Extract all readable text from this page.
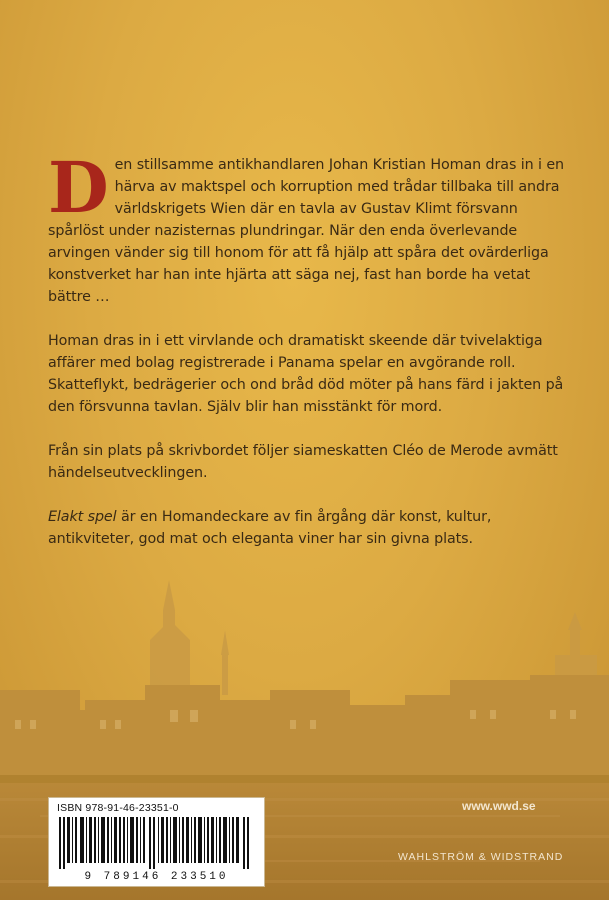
Den stillsamme antikhandlaren Johan Kristian Homan dras in i en härva av maktspel och korruption med trådar tillbaka till andra världskrigets Wien där en tavla av Gustav Klimt försvann spårlöst under nazisternas plundringar. När den enda överlevande arvingen vänder sig till honom för att få hjälp att spåra det ovärderliga konstverket har han inte hjärta att säga nej, fast han borde ha vetat bättre …

Homan dras in i ett virvlande och dramatiskt skeende där tvivelaktiga affärer med bolag registrerade i Panama spelar en avgörande roll. Skatteflykt, bedrägerier och ond bråd död möter på hans färd i jakten på den försvunna tavlan. Själv blir han misstänkt för mord.

Från sin plats på skrivbordet följer siameskatten Cléo de Merode avmätt händelseutvecklingen.

Elakt spel är en Homandeckare av fin årgång där konst, kultur, antikviteter, god mat och eleganta viner har sin givna plats.

ISBN 978-91-46-23351-0
9 789146 233510
www.wwd.se
WAHLSTRÖM & WIDSTRAND
